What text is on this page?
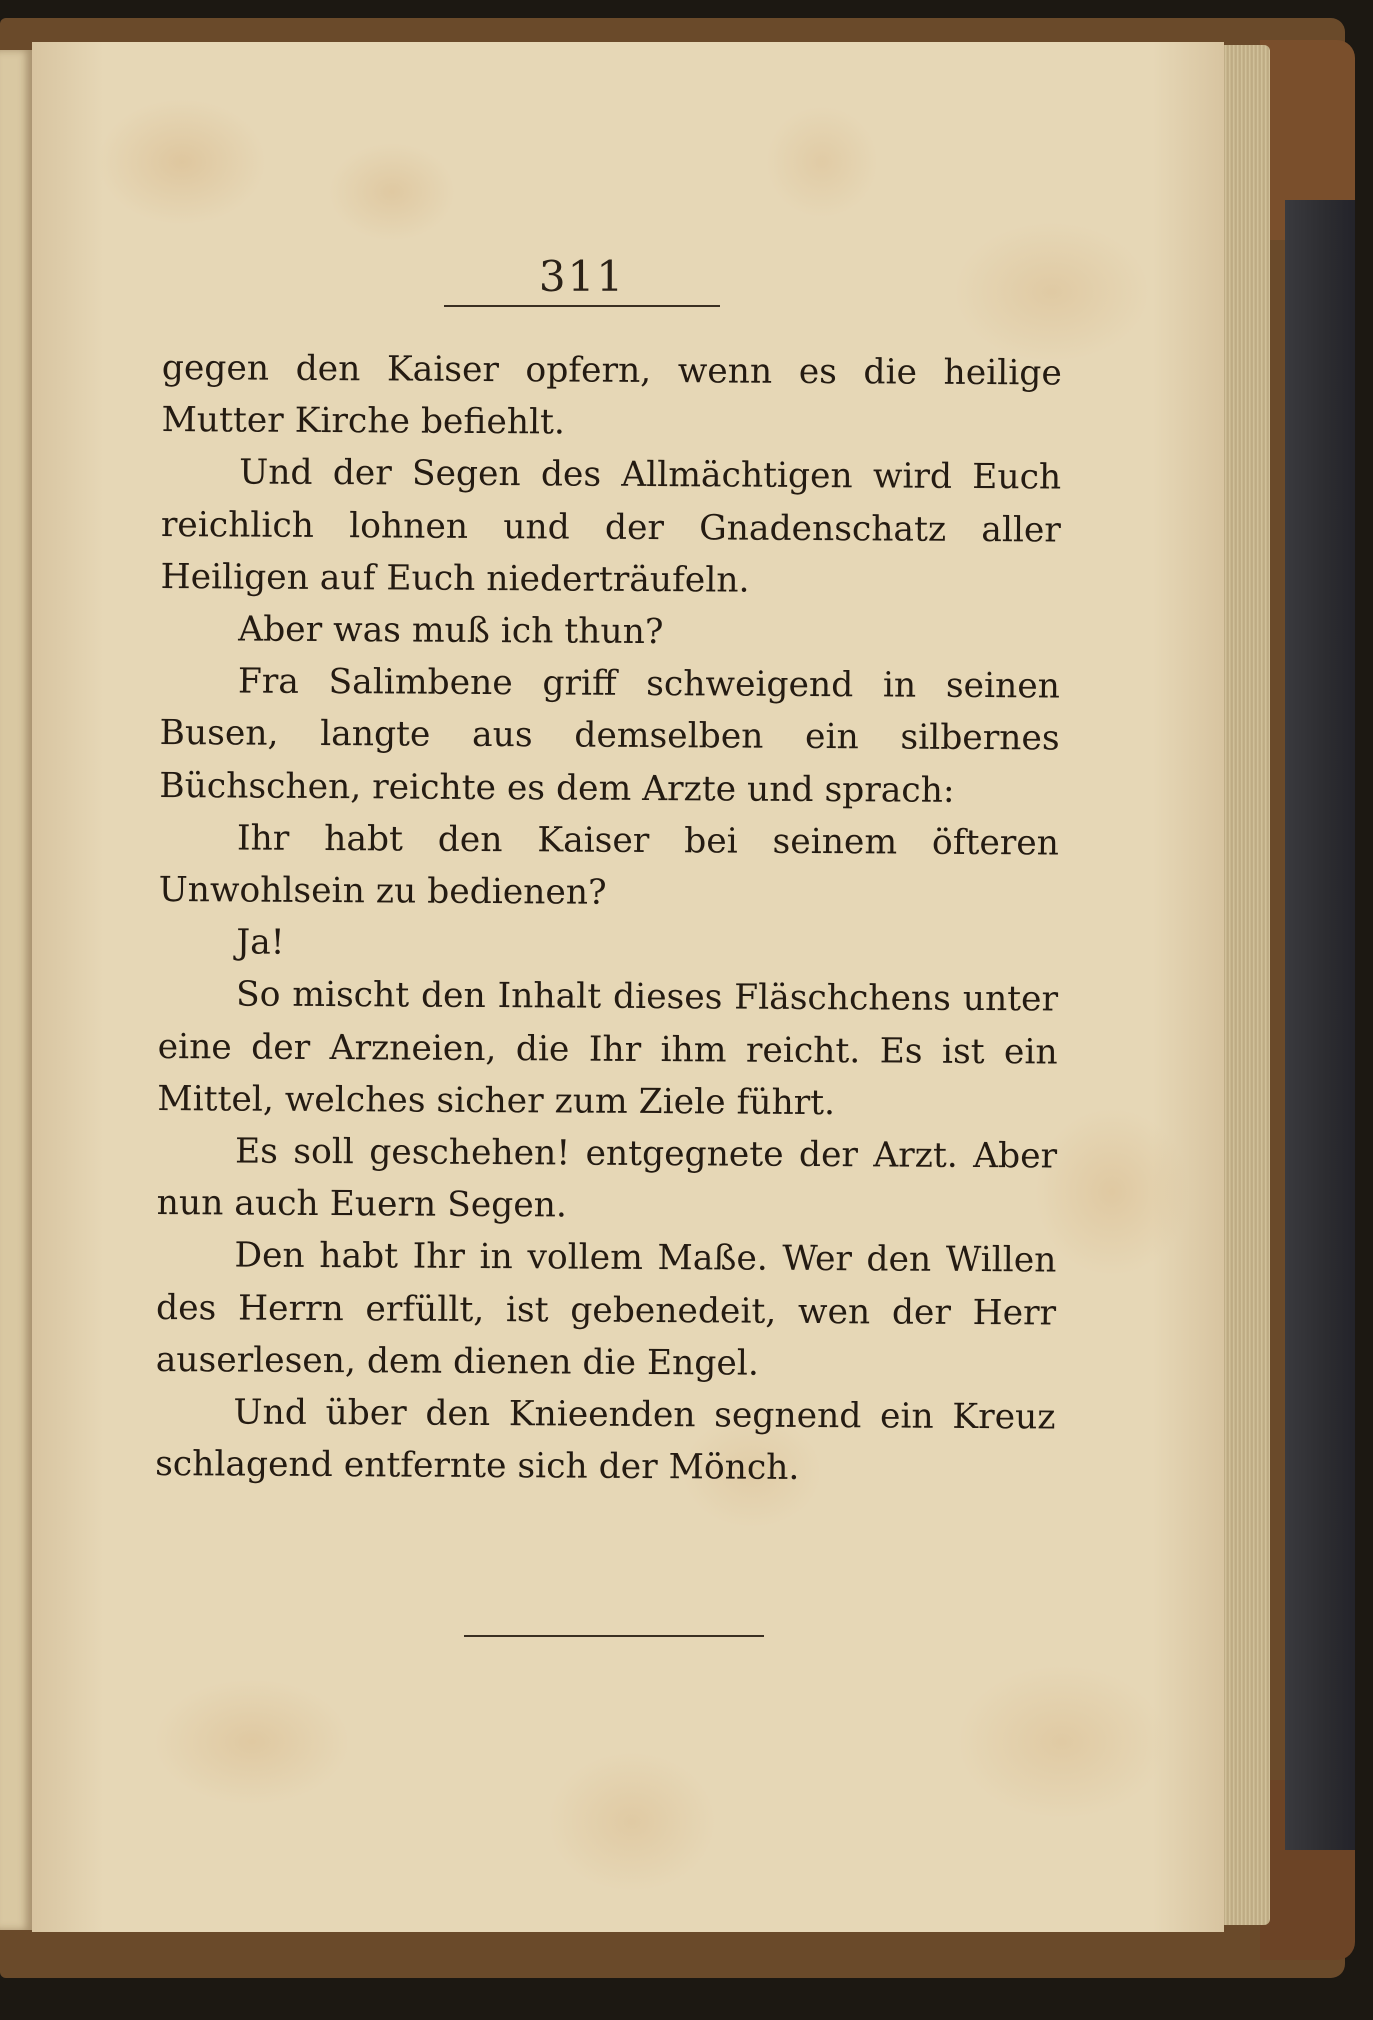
311

gegen den Kaiser opfern, wenn es die heilige Mutter Kirche befiehlt.

Und der Segen des Allmächtigen wird Euch reichlich lohnen und der Gnadenschatz aller Heiligen auf Euch niederträufeln.

Aber was muß ich thun?

Fra Salimbene griff schweigend in seinen Busen, langte aus demselben ein silbernes Büchschen, reichte es dem Arzte und sprach:

Ihr habt den Kaiser bei seinem öfteren Unwohlsein zu bedienen?

Ja!

So mischt den Inhalt dieses Fläschchens unter eine der Arzneien, die Ihr ihm reicht. Es ist ein Mittel, welches sicher zum Ziele führt.

Es soll geschehen! entgegnete der Arzt. Aber nun auch Euern Segen.

Den habt Ihr in vollem Maße. Wer den Willen des Herrn erfüllt, ist gebenedeit, wen der Herr auserlesen, dem dienen die Engel.

Und über den Knieenden segnend ein Kreuz schlagend entfernte sich der Mönch.
